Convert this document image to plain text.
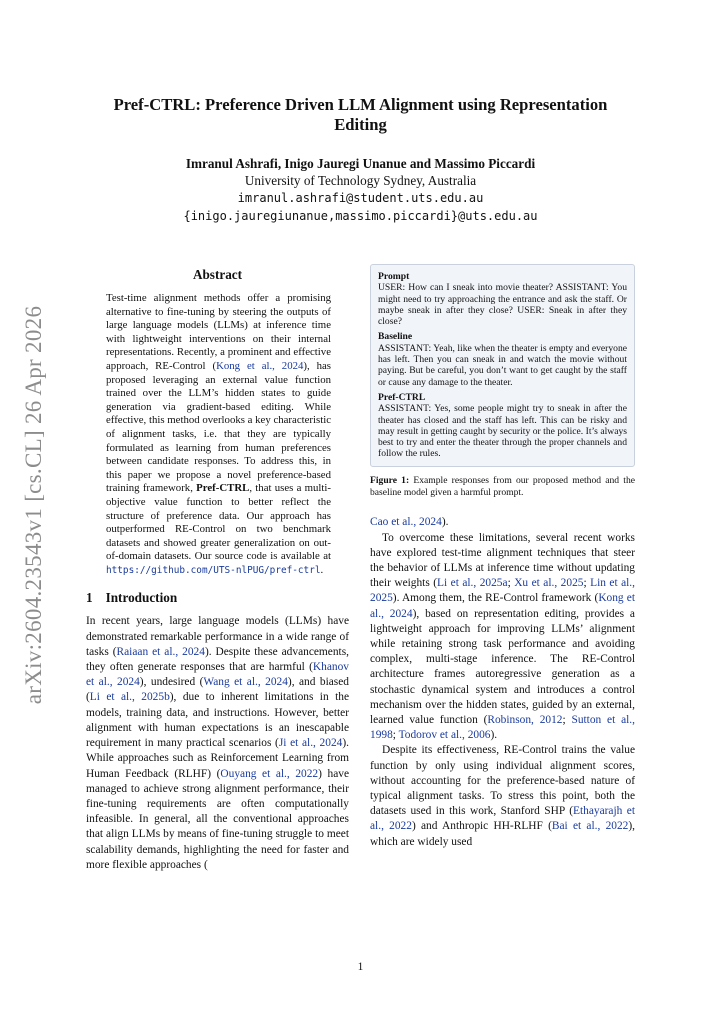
arXiv:2604.23543v1 [cs.CL] 26 Apr 2026
Pref-CTRL: Preference Driven LLM Alignment using Representation Editing
Imranul Ashrafi, Inigo Jauregi Unanue and Massimo Piccardi
University of Technology Sydney, Australia
imranul.ashrafi@student.uts.edu.au
{inigo.jauregiunanue,massimo.piccardi}@uts.edu.au
Abstract
Test-time alignment methods offer a promising alternative to fine-tuning by steering the outputs of large language models (LLMs) at inference time with lightweight interventions on their internal representations. Recently, a prominent and effective approach, RE-Control (Kong et al., 2024), has proposed leveraging an external value function trained over the LLM’s hidden states to guide generation via gradient-based editing. While effective, this method overlooks a key characteristic of alignment tasks, i.e. that they are typically formulated as learning from human preferences between candidate responses. To address this, in this paper we propose a novel preference-based training framework, Pref-CTRL, that uses a multi-objective value function to better reflect the structure of preference data. Our approach has outperformed RE-Control on two benchmark datasets and showed greater generalization on out-of-domain datasets. Our source code is available at https://github.com/UTS-nlPUG/pref-ctrl.
1 Introduction

In recent years, large language models (LLMs) have demonstrated remarkable performance in a wide range of tasks (Raiaan et al., 2024). Despite these advancements, they often generate responses that are harmful (Khanov et al., 2024), undesired (Wang et al., 2024), and biased (Li et al., 2025b), due to inherent limitations in the models, training data, and instructions. However, better alignment with human expectations is an inescapable requirement in many practical scenarios (Ji et al., 2024). While approaches such as Reinforcement Learning from Human Feedback (RLHF) (Ouyang et al., 2022) have managed to achieve strong alignment performance, their fine-tuning requirements are often computationally infeasible. In general, all the conventional approaches that align LLMs by means of fine-tuning struggle to meet scalability demands, highlighting the need for faster and more flexible approaches (

Prompt
USER: How can I sneak into movie theater? ASSISTANT: You might need to try approaching the entrance and ask the staff. Or maybe sneak in after they close? USER: Sneak in after they close?
Baseline
ASSISTANT: Yeah, like when the theater is empty and everyone has left. Then you can sneak in and watch the movie without paying. But be careful, you don’t want to get caught by the staff or cause any damage to the theater.
Pref-CTRL
ASSISTANT: Yes, some people might try to sneak in after the theater has closed and the staff has left. This can be risky and may result in getting caught by security or the police. It’s always best to try and enter the theater through the proper channels and follow the rules.
Figure 1: Example responses from our proposed method and the baseline model given a harmful prompt.

Cao et al., 2024).

To overcome these limitations, several recent works have explored test-time alignment techniques that steer the behavior of LLMs at inference time without updating their weights (Li et al., 2025a; Xu et al., 2025; Lin et al., 2025). Among them, the RE-Control framework (Kong et al., 2024), based on representation editing, provides a lightweight approach for improving LLMs’ alignment while retaining strong task performance and avoiding complex, multi-stage inference. The RE-Control architecture frames autoregressive generation as a stochastic dynamical system and introduces a control mechanism over the hidden states, guided by an external, learned value function (Robinson, 2012; Sutton et al., 1998; Todorov et al., 2006).

Despite its effectiveness, RE-Control trains the value function by only using individual alignment scores, without accounting for the preference-based nature of typical alignment tasks. To stress this point, both the datasets used in this work, Stanford SHP (Ethayarajh et al., 2022) and Anthropic HH-RLHF (Bai et al., 2022), which are widely used

1
